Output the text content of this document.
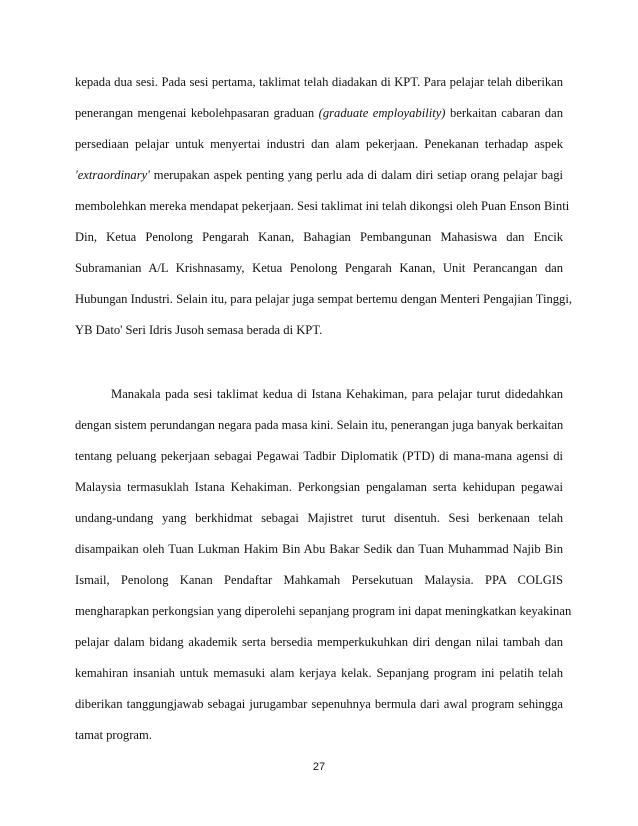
kepada dua sesi. Pada sesi pertama, taklimat telah diadakan di KPT. Para pelajar telah diberikan
penerangan mengenai kebolehpasaran graduan (graduate employability) berkaitan cabaran dan
persediaan pelajar untuk menyertai industri dan alam pekerjaan. Penekanan terhadap aspek
'extraordinary' merupakan aspek penting yang perlu ada di dalam diri setiap orang pelajar bagi
membolehkan mereka mendapat pekerjaan. Sesi taklimat ini telah dikongsi oleh Puan Enson Binti
Din, Ketua Penolong Pengarah Kanan, Bahagian Pembangunan Mahasiswa dan Encik
Subramanian A/L Krishnasamy, Ketua Penolong Pengarah Kanan, Unit Perancangan dan
Hubungan Industri. Selain itu, para pelajar juga sempat bertemu dengan Menteri Pengajian Tinggi,
YB Dato' Seri Idris Jusoh semasa berada di KPT.
Manakala pada sesi taklimat kedua di Istana Kehakiman, para pelajar turut didedahkan
dengan sistem perundangan negara pada masa kini. Selain itu, penerangan juga banyak berkaitan
tentang peluang pekerjaan sebagai Pegawai Tadbir Diplomatik (PTD) di mana-mana agensi di
Malaysia termasuklah Istana Kehakiman. Perkongsian pengalaman serta kehidupan pegawai
undang-undang yang berkhidmat sebagai Majistret turut disentuh. Sesi berkenaan telah
disampaikan oleh Tuan Lukman Hakim Bin Abu Bakar Sedik dan Tuan Muhammad Najib Bin
Ismail, Penolong Kanan Pendaftar Mahkamah Persekutuan Malaysia. PPA COLGIS
mengharapkan perkongsian yang diperolehi sepanjang program ini dapat meningkatkan keyakinan
pelajar dalam bidang akademik serta bersedia memperkukuhkan diri dengan nilai tambah dan
kemahiran insaniah untuk memasuki alam kerjaya kelak. Sepanjang program ini pelatih telah
diberikan tanggungjawab sebagai jurugambar sepenuhnya bermula dari awal program sehingga
tamat program.
27
